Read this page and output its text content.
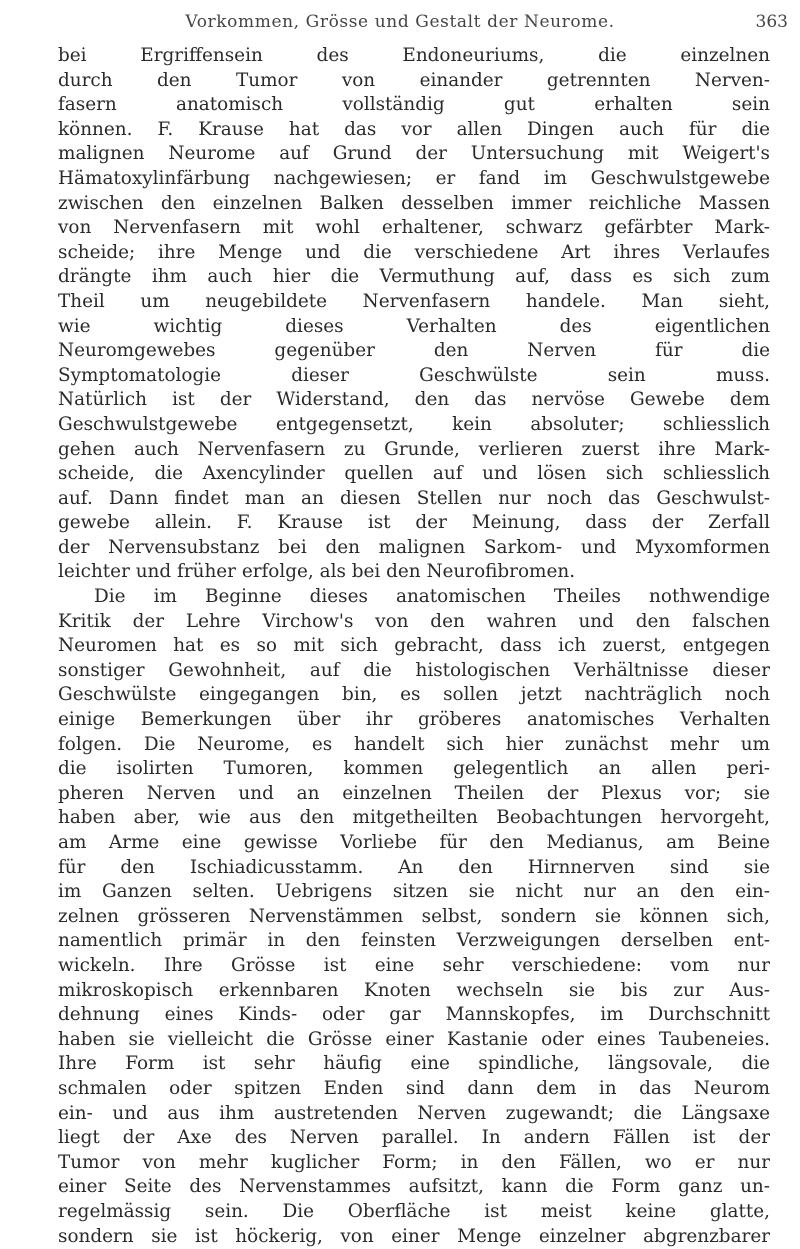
Vorkommen, Grösse und Gestalt der Neurome.	363
bei Ergriffensein des Endoneuriums, die einzelnen
durch den Tumor von einander getrennten Nerven-
fasern anatomisch vollständig gut erhalten sein
können. F. Krause hat das vor allen Dingen auch für die
malignen Neurome auf Grund der Untersuchung mit Weigert's
Hämatoxylinfärbung nachgewiesen; er fand im Geschwulstgewebe
zwischen den einzelnen Balken desselben immer reichliche Massen
von Nervenfasern mit wohl erhaltener, schwarz gefärbter Mark-
scheide; ihre Menge und die verschiedene Art ihres Verlaufes
drängte ihm auch hier die Vermuthung auf, dass es sich zum
Theil um neugebildete Nervenfasern handele. Man sieht,
wie wichtig dieses Verhalten des eigentlichen
Neuromgewebes gegenüber den Nerven für die
Symptomatologie dieser Geschwülste sein muss.
Natürlich ist der Widerstand, den das nervöse Gewebe dem
Geschwulstgewebe entgegensetzt, kein absoluter; schliesslich
gehen auch Nervenfasern zu Grunde, verlieren zuerst ihre Mark-
scheide, die Axencylinder quellen auf und lösen sich schliesslich
auf. Dann findet man an diesen Stellen nur noch das Geschwulst-
gewebe allein. F. Krause ist der Meinung, dass der Zerfall
der Nervensubstanz bei den malignen Sarkom- und Myxomformen
leichter und früher erfolge, als bei den Neurofibromen.
Die im Beginne dieses anatomischen Theiles nothwendige
Kritik der Lehre Virchow's von den wahren und den falschen
Neuromen hat es so mit sich gebracht, dass ich zuerst, entgegen
sonstiger Gewohnheit, auf die histologischen Verhältnisse dieser
Geschwülste eingegangen bin, es sollen jetzt nachträglich noch
einige Bemerkungen über ihr gröberes anatomisches Verhalten
folgen. Die Neurome, es handelt sich hier zunächst mehr um
die isolirten Tumoren, kommen gelegentlich an allen peri-
pheren Nerven und an einzelnen Theilen der Plexus vor; sie
haben aber, wie aus den mitgetheilten Beobachtungen hervorgeht,
am Arme eine gewisse Vorliebe für den Medianus, am Beine
für den Ischiadicusstamm. An den Hirnnerven sind sie
im Ganzen selten. Uebrigens sitzen sie nicht nur an den ein-
zelnen grösseren Nervenstämmen selbst, sondern sie können sich,
namentlich primär in den feinsten Verzweigungen derselben ent-
wickeln. Ihre Grösse ist eine sehr verschiedene: vom nur
mikroskopisch erkennbaren Knoten wechseln sie bis zur Aus-
dehnung eines Kinds- oder gar Mannskopfes, im Durchschnitt
haben sie vielleicht die Grösse einer Kastanie oder eines Taubeneies.
Ihre Form ist sehr häufig eine spindliche, längsovale, die
schmalen oder spitzen Enden sind dann dem in das Neurom
ein- und aus ihm austretenden Nerven zugewandt; die Längsaxe
liegt der Axe des Nerven parallel. In andern Fällen ist der
Tumor von mehr kuglicher Form; in den Fällen, wo er nur
einer Seite des Nervenstammes aufsitzt, kann die Form ganz un-
regelmässig sein. Die Oberfläche ist meist keine glatte,
sondern sie ist höckerig, von einer Menge einzelner abgrenzbarer
